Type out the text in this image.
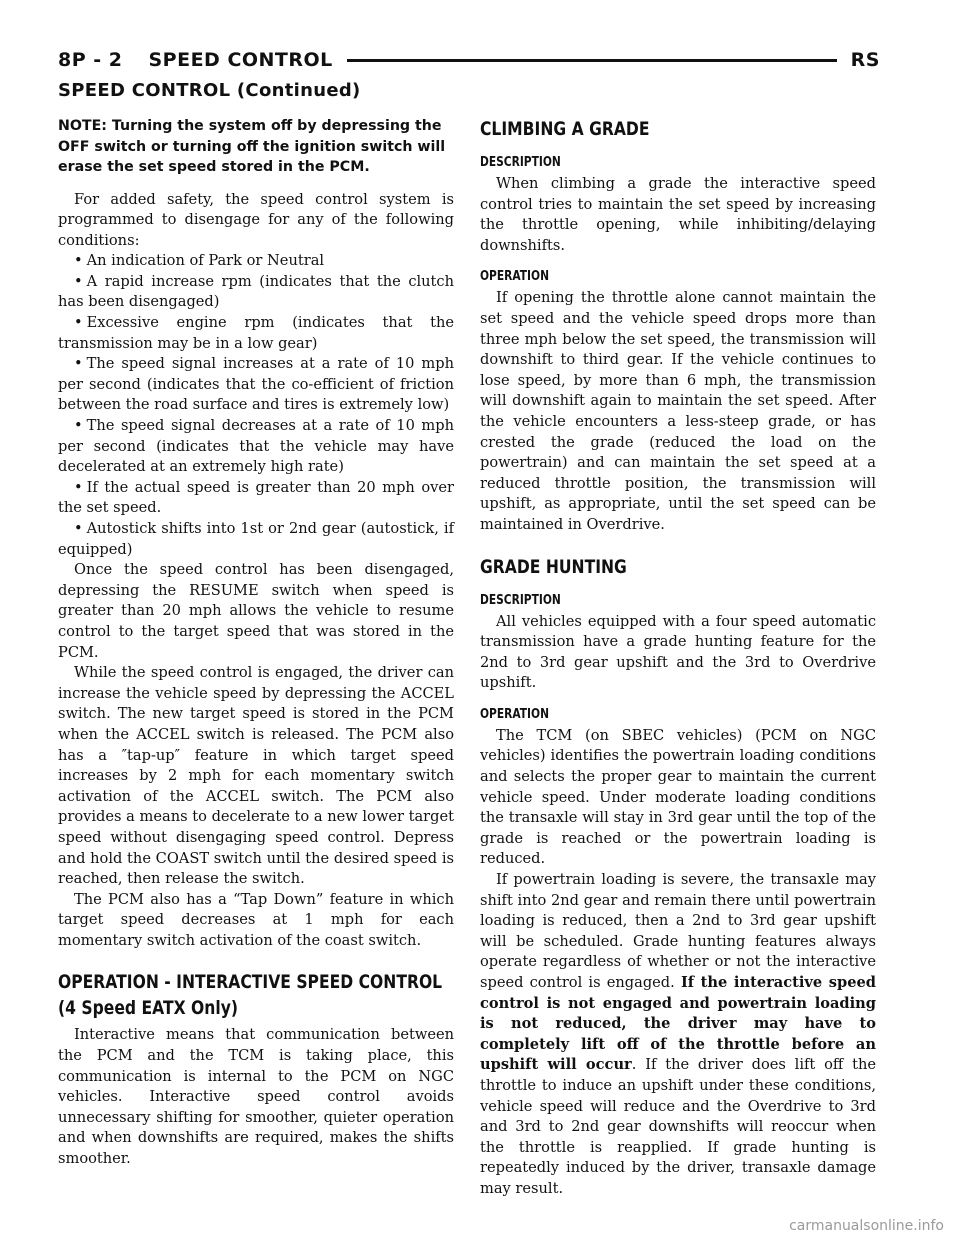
8P - 2 SPEED CONTROL	RS
SPEED CONTROL (Continued)

NOTE: Turning the system off by depressing the OFF switch or turning off the ignition switch will erase the set speed stored in the PCM.

For added safety, the speed control system is programmed to disengage for any of the following conditions:

• An indication of Park or Neutral

• A rapid increase rpm (indicates that the clutch has been disengaged)

• Excessive engine rpm (indicates that the transmission may be in a low gear)

• The speed signal increases at a rate of 10 mph per second (indicates that the co-efficient of friction between the road surface and tires is extremely low)

• The speed signal decreases at a rate of 10 mph per second (indicates that the vehicle may have decelerated at an extremely high rate)

• If the actual speed is greater than 20 mph over the set speed.

• Autostick shifts into 1st or 2nd gear (autostick, if equipped)

Once the speed control has been disengaged, depressing the RESUME switch when speed is greater than 20 mph allows the vehicle to resume control to the target speed that was stored in the PCM.

While the speed control is engaged, the driver can increase the vehicle speed by depressing the ACCEL switch. The new target speed is stored in the PCM when the ACCEL switch is released. The PCM also has a ″tap-up″ feature in which target speed increases by 2 mph for each momentary switch activation of the ACCEL switch. The PCM also provides a means to decelerate to a new lower target speed without disengaging speed control. Depress and hold the COAST switch until the desired speed is reached, then release the switch.

The PCM also has a “Tap Down” feature in which target speed decreases at 1 mph for each momentary switch activation of the coast switch.

OPERATION - INTERACTIVE SPEED CONTROL
(4 Speed EATX Only)

Interactive means that communication between the PCM and the TCM is taking place, this communication is internal to the PCM on NGC vehicles. Interactive speed control avoids unnecessary shifting for smoother, quieter operation and when downshifts are required, makes the shifts smoother.

CLIMBING A GRADE
DESCRIPTION

When climbing a grade the interactive speed control tries to maintain the set speed by increasing the throttle opening, while inhibiting/delaying downshifts.

OPERATION

If opening the throttle alone cannot maintain the set speed and the vehicle speed drops more than three mph below the set speed, the transmission will downshift to third gear. If the vehicle continues to lose speed, by more than 6 mph, the transmission will downshift again to maintain the set speed. After the vehicle encounters a less-steep grade, or has crested the grade (reduced the load on the powertrain) and can maintain the set speed at a reduced throttle position, the transmission will upshift, as appropriate, until the set speed can be maintained in Overdrive.

GRADE HUNTING
DESCRIPTION

All vehicles equipped with a four speed automatic transmission have a grade hunting feature for the 2nd to 3rd gear upshift and the 3rd to Overdrive upshift.

OPERATION

The TCM (on SBEC vehicles) (PCM on NGC vehicles) identifies the powertrain loading conditions and selects the proper gear to maintain the current vehicle speed. Under moderate loading conditions the transaxle will stay in 3rd gear until the top of the grade is reached or the powertrain loading is reduced.

If powertrain loading is severe, the transaxle may shift into 2nd gear and remain there until powertrain loading is reduced, then a 2nd to 3rd gear upshift will be scheduled. Grade hunting features always operate regardless of whether or not the interactive speed control is engaged. If the interactive speed control is not engaged and powertrain loading is not reduced, the driver may have to completely lift off of the throttle before an upshift will occur. If the driver does lift off the throttle to induce an upshift under these conditions, vehicle speed will reduce and the Overdrive to 3rd and 3rd to 2nd gear downshifts will reoccur when the throttle is reapplied. If grade hunting is repeatedly induced by the driver, transaxle damage may result.

carmanualsonline.info
